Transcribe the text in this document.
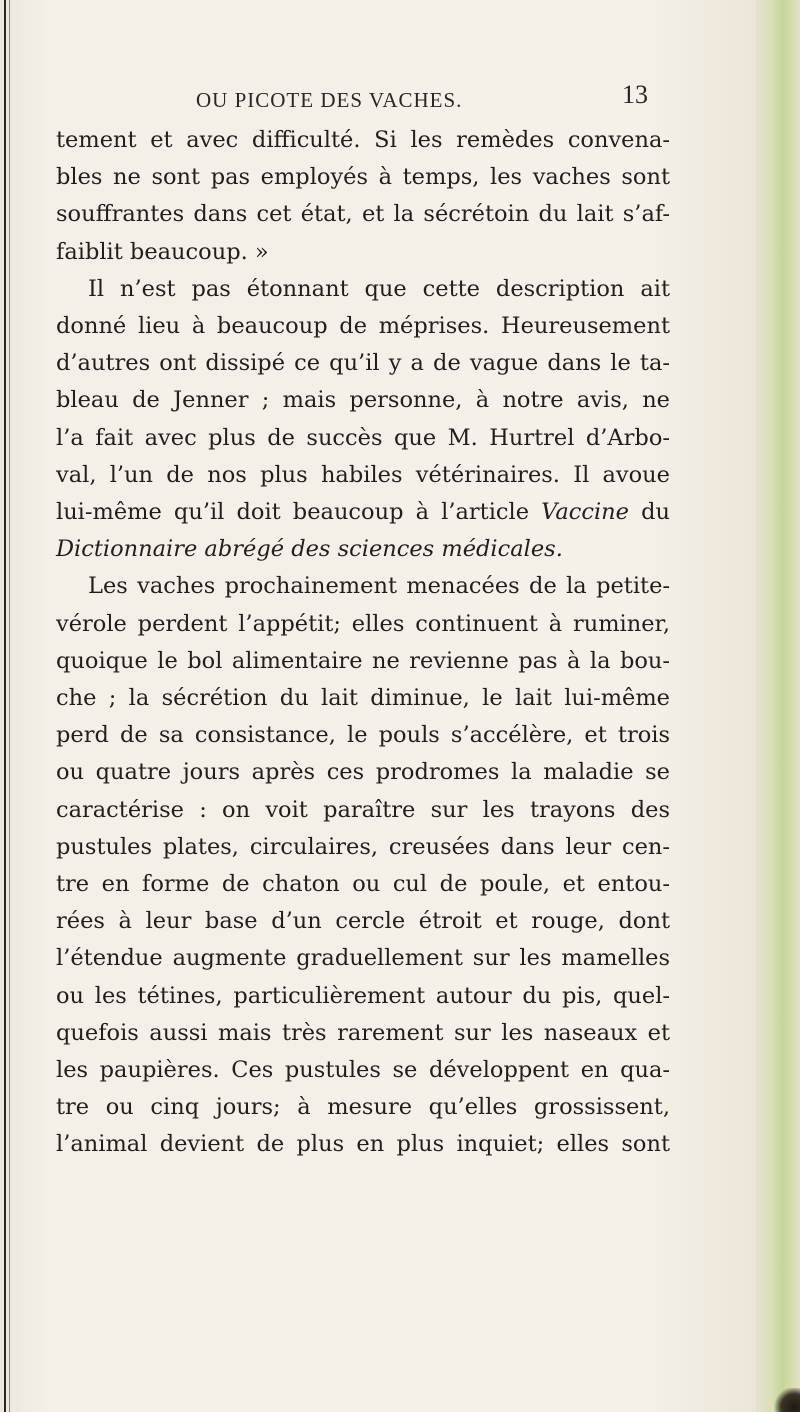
OU PICOTE DES VACHES.	13
tement et avec difficulté. Si les remèdes convena-
bles ne sont pas employés à temps, les vaches sont
souffrantes dans cet état, et la sécrétoin du lait s’af-
faiblit beaucoup. »
Il n’est pas étonnant que cette description ait
donné lieu à beaucoup de méprises. Heureusement
d’autres ont dissipé ce qu’il y a de vague dans le ta-
bleau de Jenner ; mais personne, à notre avis, ne
l’a fait avec plus de succès que M. Hurtrel d’Arbo-
val, l’un de nos plus habiles vétérinaires. Il avoue
lui-même qu’il doit beaucoup à l’article Vaccine du
Dictionnaire abrégé des sciences médicales.
Les vaches prochainement menacées de la petite-
vérole perdent l’appétit; elles continuent à ruminer,
quoique le bol alimentaire ne revienne pas à la bou-
che ; la sécrétion du lait diminue, le lait lui-même
perd de sa consistance, le pouls s’accélère, et trois
ou quatre jours après ces prodromes la maladie se
caractérise : on voit paraître sur les trayons des
pustules plates, circulaires, creusées dans leur cen-
tre en forme de chaton ou cul de poule, et entou-
rées à leur base d’un cercle étroit et rouge, dont
l’étendue augmente graduellement sur les mamelles
ou les tétines, particulièrement autour du pis, quel-
quefois aussi mais très rarement sur les naseaux et
les paupières. Ces pustules se développent en qua-
tre ou cinq jours; à mesure qu’elles grossissent,
l’animal devient de plus en plus inquiet; elles sont
